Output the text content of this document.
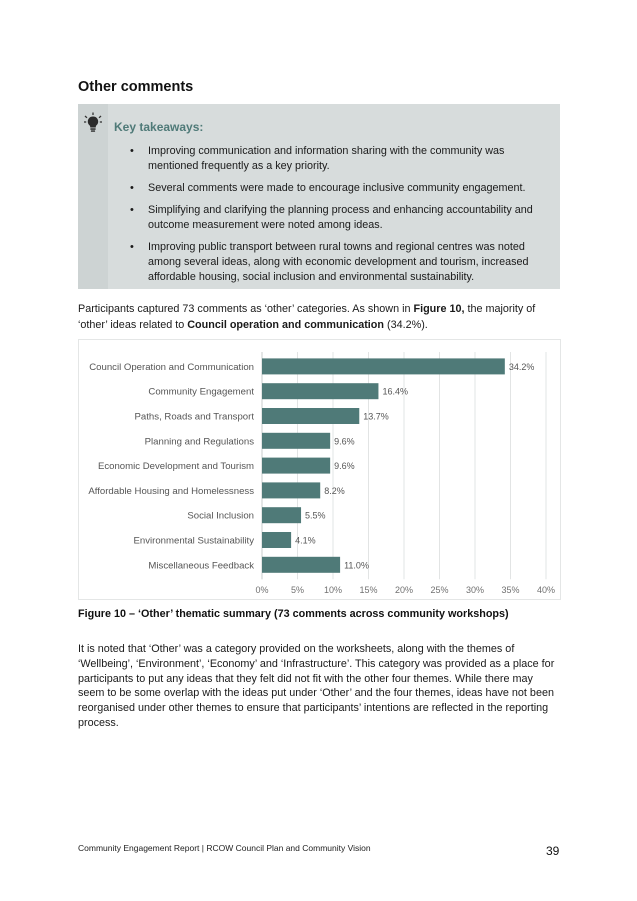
Other comments
Key takeaways:
• Improving communication and information sharing with the community was mentioned frequently as a key priority.
• Several comments were made to encourage inclusive community engagement.
• Simplifying and clarifying the planning process and enhancing accountability and outcome measurement were noted among ideas.
• Improving public transport between rural towns and regional centres was noted among several ideas, along with economic development and tourism, increased affordable housing, social inclusion and environmental sustainability.

Participants captured 73 comments as ‘other’ categories. As shown in Figure 10, the majority of ‘other’ ideas related to Council operation and communication (34.2%).

0% 5% 10% 15% 20% 25% 30% 35% 40%
Council Operation and Communication	34.2%
Community Engagement	16.4%
Paths, Roads and Transport	13.7%
Planning and Regulations	9.6%
Economic Development and Tourism	9.6%
Affordable Housing and Homelessness	8.2%
Social Inclusion	5.5%
Environmental Sustainability	4.1%
Miscellaneous Feedback	11.0%
Figure 10 – ‘Other’ thematic summary (73 comments across community workshops)

It is noted that ‘Other’ was a category provided on the worksheets, along with the themes of ‘Wellbeing’, ‘Environment’, ‘Economy’ and ‘Infrastructure’. This category was provided as a place for participants to put any ideas that they felt did not fit with the other four themes. While there may seem to be some overlap with the ideas put under ‘Other’ and the four themes, ideas have not been reorganised under other themes to ensure that participants’ intentions are reflected in the reporting process.

Community Engagement Report | RCOW Council Plan and Community Vision	39
